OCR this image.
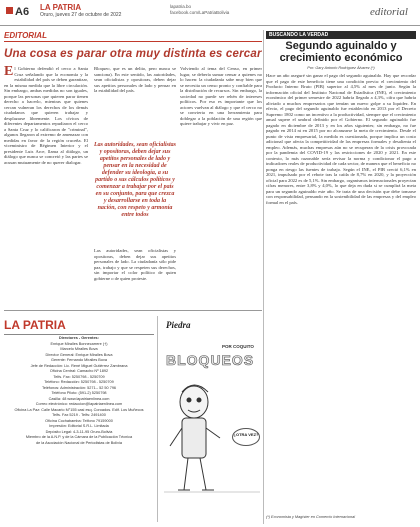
A6 LA PATRIA
Oruro, jueves 27 de octubre de 2022
lapatria.bo
facebook.com/LaPatriaBolivia	editorial
EDITORIAL
Una cosa es parar otra muy distinta es cercar
El Gobierno defendió el cerco a Santa Cruz señalando que la economía y la estabilidad del país se deben garantizar, en la misma medida que la libre circulación. Sin embargo, ambas medidas no son iguales, porque las personas que quieren parar tienen derecho a hacerlo, mientras que quienes cercan vulneran los derechos de los demás ciudadanos que quieren trabajar y desplazarse libremente. Los cívicos de diferentes departamentos repudiaron el cerco a Santa Cruz y lo calificaron de "criminal", algunos llegaron al extremo de amenazar con medidas en favor de la región cruceña. El viceministro de Régimen Interior y el presidente Luis Arce, llama al diálogo, un diálogo que nunca se concretó y las partes se acusan mutuamente de no querer dialogar.
Bloqueo, que es un delito, pero nunca se sanciona). En este sentido, las autoridades, sean oficialistas y opositoras, deben dejar sus apetitos personales de lado y pensar en la estabilidad del país.
Las autoridades, sean oficialistas y opositoras, deben dejar sus apetitos personales de lado y pensar en la necesidad de defender su ideología, a su partido o sus cálculos políticos y comenzar a trabajar por el país en su conjunto, para que crezca y desarrollarse en toda la nación, con respeto y armonía entre todos
Las autoridades, sean oficialistas y opositoras, deben dejar sus apetitos personales de lado. La ciudadanía sólo pide paz, trabajo y que se respeten sus derechos, sin importar el color político de quien gobierne o de quien proteste.
Volviendo al tema del Censo, en primer lugar, se debería sumar censar a quienes no lo hacen: la ciudadanía sabe muy bien que se necesita un censo pronto y confiable para la distribución de recursos. Sin embargo, la sociedad no puede ser rehén de intereses políticos. Por eso es importante que los actores vuelvan al diálogo y que el cerco no se convierta en una herramienta para doblegar a la población de una región que quiere trabajar y vivir en paz.
BUSCANDO LA VERDAD
Segundo aguinaldo y crecimiento económico
Por: Gary Antonio Rodríguez Álvarez (*)
Hace un año aseguré sin ganar el pago del segundo aguinaldo. Hay que recordar que el pago de este beneficio tiene una condición previa: el crecimiento del Producto Interno Bruto (PIB) superior al 4,5% al mes de junio. Según la información oficial del Instituto Nacional de Estadística (INE), el crecimiento económico del primer semestre de 2022 habría llegado a 4,3%, cifra que habría aliviado a muchos empresarios que temían un nuevo golpe a su liquidez. En efecto, el pago del segundo aguinaldo fue establecido en 2013 por el Decreto Supremo 1802 como un incentivo a la productividad, siempre que el crecimiento anual supere el umbral definido por el Gobierno. El segundo aguinaldo fue pagado en diciembre de 2013 y en los años siguientes; sin embargo, no fue pagado en 2014 ni en 2015 por no alcanzarse la meta de crecimiento. Desde el punto de vista empresarial, la medida es cuestionada, porque implica un costo adicional que afecta la competitividad de las empresas formales y desalienta el empleo. Además, muchas empresas aún no se recuperan de la crisis provocada por la pandemia del COVID-19 y las restricciones de 2020 y 2021. En este contexto, lo más razonable sería revisar la norma y condicionar el pago a indicadores reales de productividad de cada sector, de manera que el beneficio no ponga en riesgo las fuentes de trabajo. Según el INE, el PIB creció 6,1% en 2021, impulsado por el rebote tras la caída de 8,7% en 2020, y la proyección oficial para 2022 es de 5,1%. Sin embargo, organismos internacionales proyectan cifras menores, entre 3,8% y 4,0%, lo que deja en duda si se cumplirá la meta para un segundo aguinaldo este año. Se trata de una decisión que debe tomarse con responsabilidad, pensando en la sostenibilidad de las empresas y del empleo formal en el país.
(*) Economista y Magíster en Comercio Internacional
LA PATRIA
Directores - Gerentes:
Enrique Miralles Bonnecarrere (†)
Marcelo Miralles Bova
Director General: Enrique Miralles Bova
Gerente: Fernando Miralles Bova
Jefe de Redacción: Lic. René Miguel Gutiérrez Zambrana
Oficina Central: Camacho Nº 1892
Telfs. Fax: 5250798 - 5250709
Teléfono: Redacción: 5250798 - 5250709
Teléfonos: Administración: 5271-- 52 50 796
Teléfono Piloto: (591-2) 5250798
Casilla: 48 www.lapatriaenlinea.com
Correo electrónico: redaccion@lapatriaenlinea.com
Oficina La Paz: Calle Macario M°155 casi esq. Coroados. Edif. Los Muñecos
Telfs. Fax 5219 - Telfs: 2491400
Oficina Cochabamba: Telfono 79159000
Impresión: Editorial S.R.L. Limitada
Depósito Legal: 4-3-11-95 Oruro-Bolivia
Miembro de la A.N.P. y de la Cámara de la Publicación Técnica
de la Asociación Nacional de Periodistas de Bolivia
Piedra
POR COQUITO
BLOQUEOS
¿OTRA VEZ?
